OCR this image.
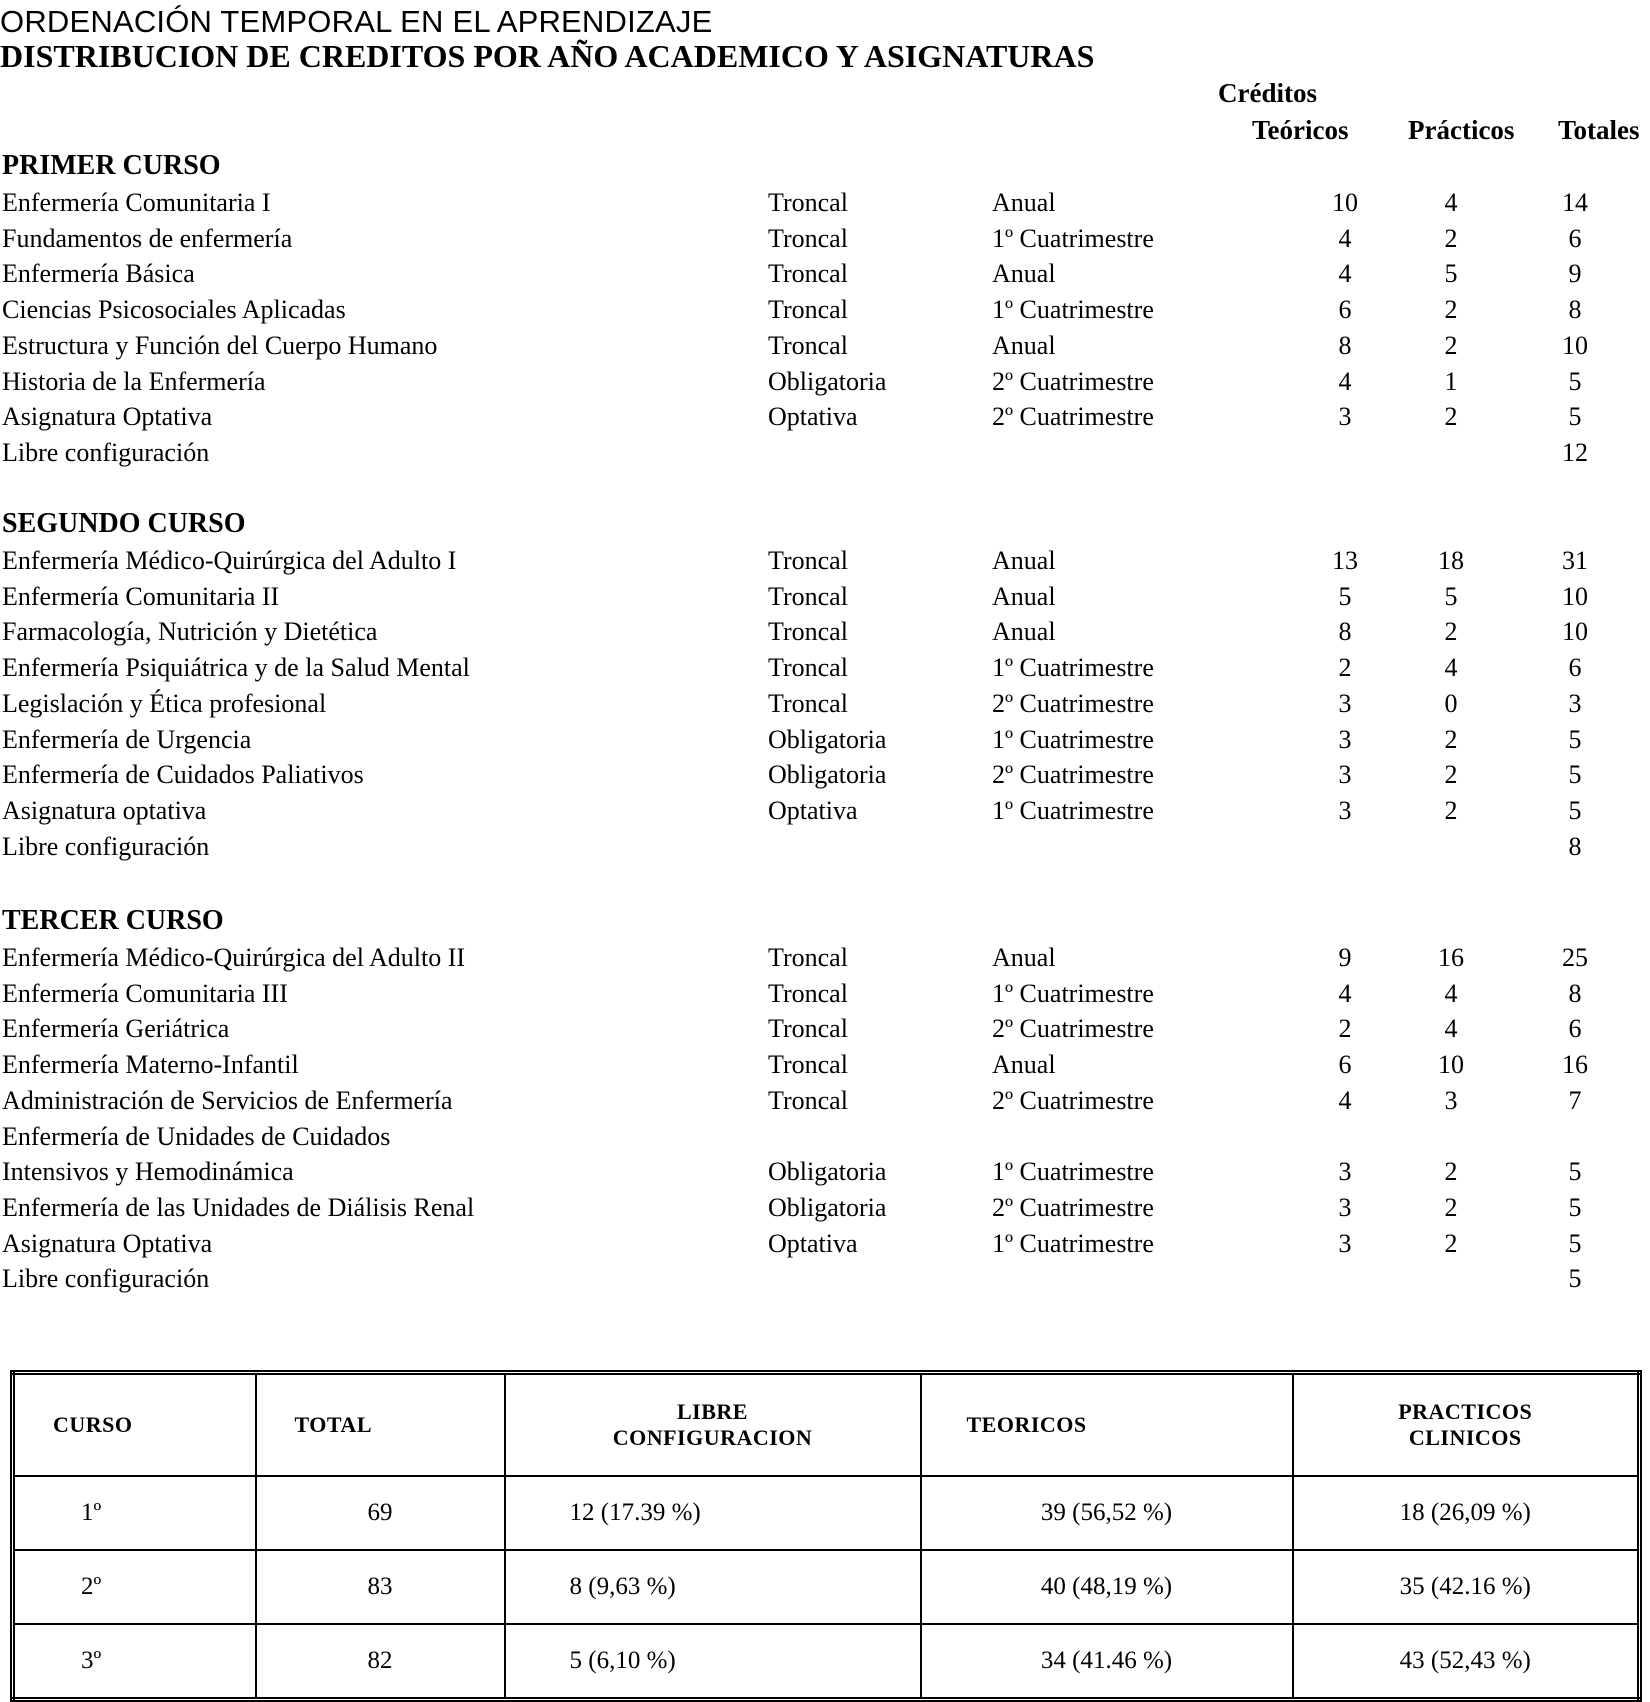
ORDENACIÓN TEMPORAL EN EL APRENDIZAJE
DISTRIBUCION DE CREDITOS POR AÑO ACADEMICO Y ASIGNATURAS
Créditos
Teóricos Prácticos Totales
PRIMER CURSO
Enfermería Comunitaria I	Troncal	Anual	10	4	14
Fundamentos de enfermería	Troncal	1º Cuatrimestre	4	2	6
Enfermería Básica	Troncal	Anual	4	5	9
Ciencias Psicosociales Aplicadas	Troncal	1º Cuatrimestre	6	2	8
Estructura y Función del Cuerpo Humano	Troncal	Anual	8	2	10
Historia de la Enfermería	Obligatoria	2º Cuatrimestre	4	1	5
Asignatura Optativa	Optativa	2º Cuatrimestre	3	2	5
Libre configuración	12
SEGUNDO CURSO
Enfermería Médico-Quirúrgica del Adulto I	Troncal	Anual	13	18	31
Enfermería Comunitaria II	Troncal	Anual	5	5	10
Farmacología, Nutrición y Dietética	Troncal	Anual	8	2	10
Enfermería Psiquiátrica y de la Salud Mental	Troncal	1º Cuatrimestre	2	4	6
Legislación y Ética profesional	Troncal	2º Cuatrimestre	3	0	3
Enfermería de Urgencia	Obligatoria	1º Cuatrimestre	3	2	5
Enfermería de Cuidados Paliativos	Obligatoria	2º Cuatrimestre	3	2	5
Asignatura optativa	Optativa	1º Cuatrimestre	3	2	5
Libre configuración	8
TERCER CURSO
Enfermería Médico-Quirúrgica del Adulto II	Troncal	Anual	9	16	25
Enfermería Comunitaria III	Troncal	1º Cuatrimestre	4	4	8
Enfermería Geriátrica	Troncal	2º Cuatrimestre	2	4	6
Enfermería Materno-Infantil	Troncal	Anual	6	10	16
Administración de Servicios de Enfermería	Troncal	2º Cuatrimestre	4	3	7
Enfermería de Unidades de Cuidados
Intensivos y Hemodinámica	Obligatoria	1º Cuatrimestre	3	2	5
Enfermería de las Unidades de Diálisis Renal	Obligatoria	2º Cuatrimestre	3	2	5
Asignatura Optativa	Optativa	1º Cuatrimestre	3	2	5
Libre configuración	5
CURSO	TOTAL	LIBRE CONFIGURACION	TEORICOS	PRACTICOS CLINICOS
1º	69	12 (17.39 %)	39 (56,52 %)	18 (26,09 %)
2º	83	8 (9,63 %)	40 (48,19 %)	35 (42.16 %)
3º	82	5 (6,10 %)	34 (41.46 %)	43 (52,43 %)
